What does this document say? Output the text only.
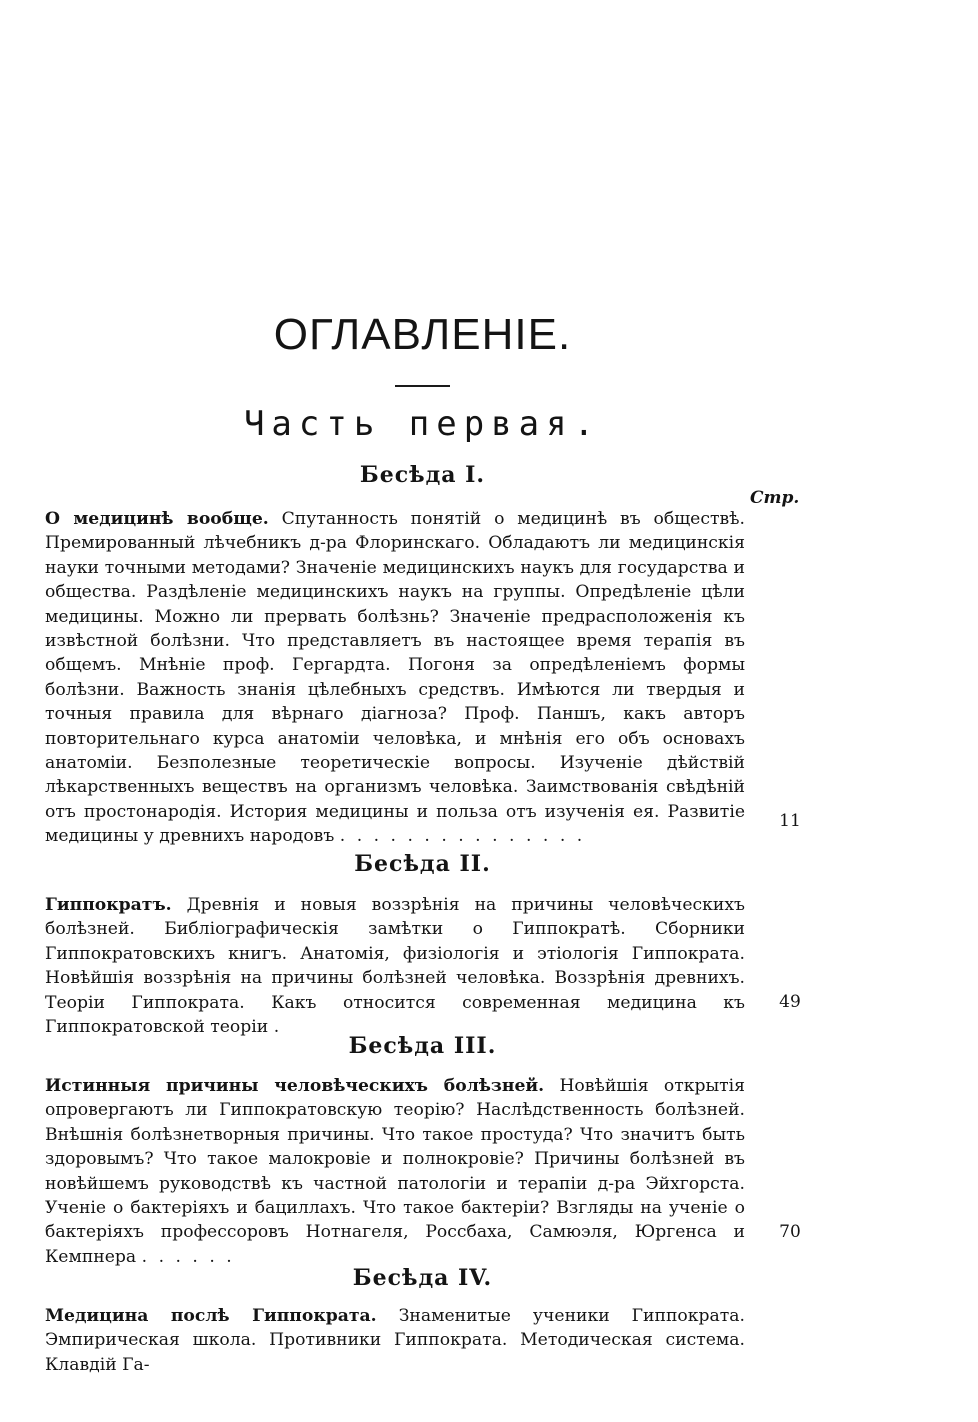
ОГЛАВЛЕНІЕ.
Часть первая.
Стр.
Бесѣда I.
О медицинѣ вообще. Спутанность понятій о медицинѣ въ обществѣ. Премированный лѣчебникъ д-ра Флоринскаго. Обладаютъ ли медицинскія науки точными методами? Значеніе медицинскихъ наукъ для государства и общества. Раздѣленіе медицинскихъ наукъ на группы. Опредѣленіе цѣли медицины. Можно ли прервать болѣзнь? Значеніе предрасположенія къ извѣстной болѣзни. Что представляетъ въ настоящее время терапія въ общемъ. Мнѣніе проф. Гергардта. Погоня за опредѣленіемъ формы болѣзни. Важность знанія цѣлебныхъ средствъ. Имѣются ли твердыя и точныя правила для вѣрнаго діагноза? Проф. Паншъ, какъ авторъ повторительнаго курса анатоміи человѣка, и мнѣнія его объ основахъ анатоміи. Безполезные теоретическіе вопросы. Изученіе дѣйствій лѣкарственныхъ веществъ на организмъ человѣка. Заимствованія свѣдѣній отъ простонародія. История медицины и польза отъ изученія ея. Развитіе медицины у древнихъ народовъ . . . . . . . . . . . . . . .
11
Бесѣда II.
Гиппократъ. Древнія и новыя воззрѣнія на причины человѣческихъ болѣзней. Библіографическія замѣтки о Гиппократѣ. Сборники Гиппократовскихъ книгъ. Анатомія, физіологія и этіологія Гиппократа. Новѣйшія воззрѣнія на причины болѣзней человѣка. Воззрѣнія древнихъ. Теоріи Гиппократа. Какъ относится современная медицина къ Гиппократовской теоріи .
49
Бесѣда III.
Истинныя причины человѣческихъ болѣзней. Новѣйшія открытія опровергаютъ ли Гиппократовскую теорію? Наслѣдственность болѣзней. Внѣшнія болѣзнетворныя причины. Что такое простуда? Что значитъ быть здоровымъ? Что такое малокровіе и полнокровіе? Причины болѣзней въ новѣйшемъ руководствѣ къ частной патологіи и терапіи д-ра Эйхгорста. Ученіе о бактеріяхъ и бациллахъ. Что такое бактеріи? Взгляды на ученіе о бактеріяхъ профессоровъ Нотнагеля, Россбаха, Самюэля, Юргенса и Кемпнера . . . . . .
70
Бесѣда IV.
Медицина послѣ Гиппократа. Знаменитые ученики Гиппократа. Эмпирическая школа. Противники Гиппократа. Методическая система. Клавдій Га-
